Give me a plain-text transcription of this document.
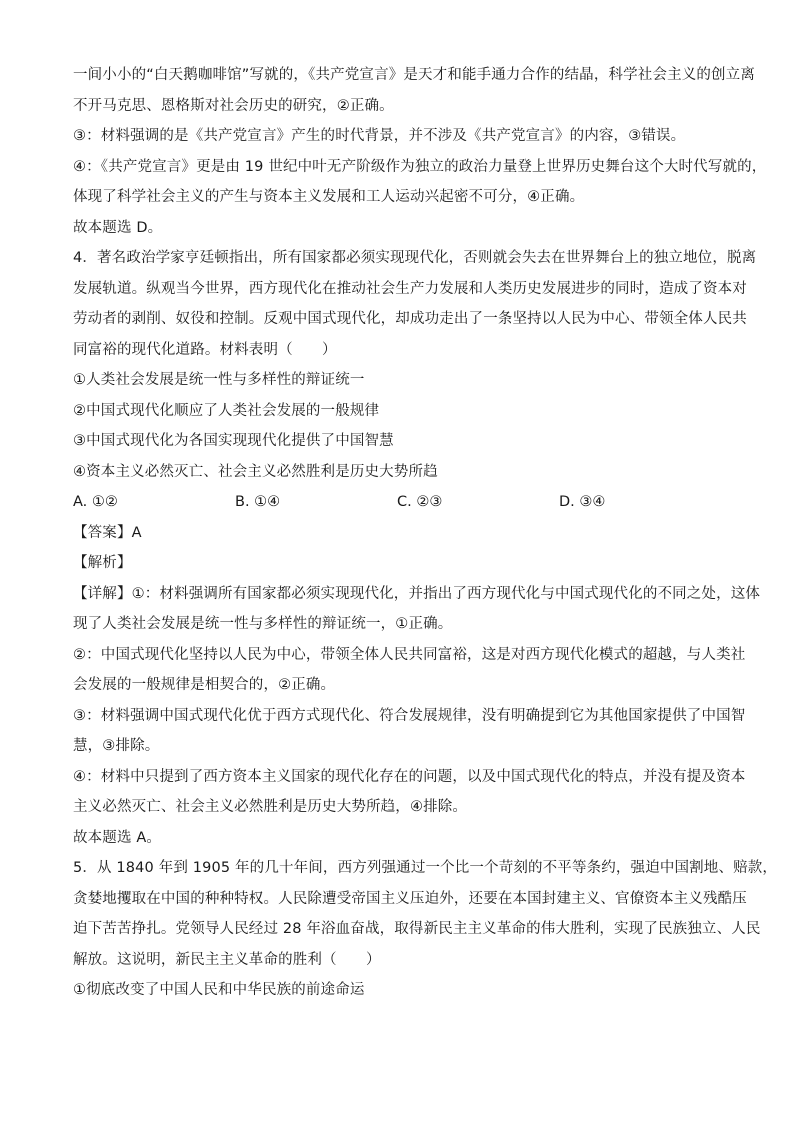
一间小小的“白天鹅咖啡馆”写就的，《共产党宣言》是天才和能手通力合作的结晶，科学社会主义的创立离
不开马克思、恩格斯对社会历史的研究，②正确。
③：材料强调的是《共产党宣言》产生的时代背景，并不涉及《共产党宣言》的内容，③错误。
④：《共产党宣言》更是由 19 世纪中叶无产阶级作为独立的政治力量登上世界历史舞台这个大时代写就的，
体现了科学社会主义的产生与资本主义发展和工人运动兴起密不可分，④正确。
故本题选 D。
4．著名政治学家亨廷顿指出，所有国家都必须实现现代化，否则就会失去在世界舞台上的独立地位，脱离
发展轨道。纵观当今世界，西方现代化在推动社会生产力发展和人类历史发展进步的同时，造成了资本对
劳动者的剥削、奴役和控制。反观中国式现代化，却成功走出了一条坚持以人民为中心、带领全体人民共
同富裕的现代化道路。材料表明（　　）
①人类社会发展是统一性与多样性的辩证统一
②中国式现代化顺应了人类社会发展的一般规律
③中国式现代化为各国实现现代化提供了中国智慧
④资本主义必然灭亡、社会主义必然胜利是历史大势所趋
A. ①②	B. ①④	C. ②③	D. ③④
【答案】A
【解析】
【详解】①：材料强调所有国家都必须实现现代化，并指出了西方现代化与中国式现代化的不同之处，这体
现了人类社会发展是统一性与多样性的辩证统一，①正确。
②：中国式现代化坚持以人民为中心，带领全体人民共同富裕，这是对西方现代化模式的超越，与人类社
会发展的一般规律是相契合的，②正确。
③：材料强调中国式现代化优于西方式现代化、符合发展规律，没有明确提到它为其他国家提供了中国智
慧，③排除。
④：材料中只提到了西方资本主义国家的现代化存在的问题，以及中国式现代化的特点，并没有提及资本
主义必然灭亡、社会主义必然胜利是历史大势所趋，④排除。
故本题选 A。
5．从 1840 年到 1905 年的几十年间，西方列强通过一个比一个苛刻的不平等条约，强迫中国割地、赔款，
贪婪地攫取在中国的种种特权。人民除遭受帝国主义压迫外，还要在本国封建主义、官僚资本主义残酷压
迫下苦苦挣扎。党领导人民经过 28 年浴血奋战，取得新民主主义革命的伟大胜利，实现了民族独立、人民
解放。这说明，新民主主义革命的胜利（　　）
①彻底改变了中国人民和中华民族的前途命运
